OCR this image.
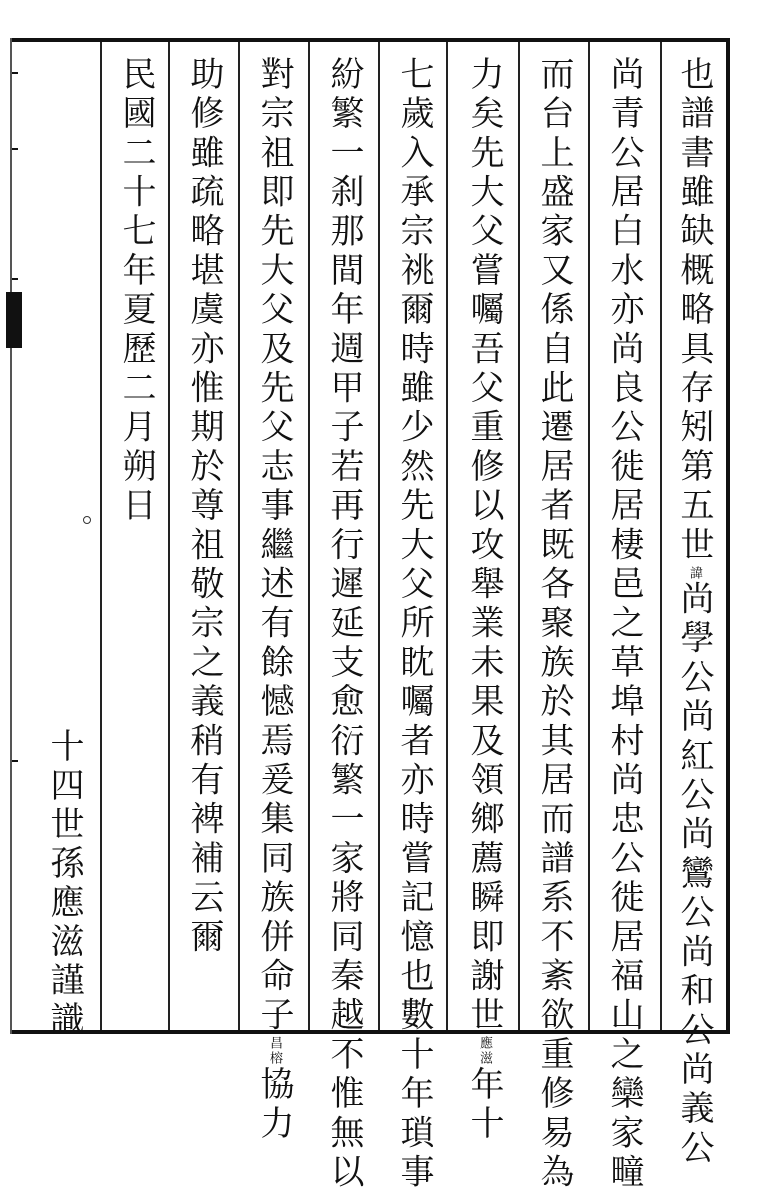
也譜書雖缺概略具存矧第五世諱尚學公尚紅公尚鸞公尚和公尚義公
尚青公居白水亦尚良公徙居棲邑之草埠村尚忠公徙居福山之欒家疃
而台上盛家又係自此遷居者既各聚族於其居而譜系不紊欲重修易為
力矣先大父嘗囑吾父重修以攻舉業未果及領鄉薦瞬即謝世應滋年十
七歲入承宗祧爾時雖少然先大父所眈囑者亦時嘗記憶也數十年瑣事
紛繁一刹那間年週甲子若再行遲延支愈衍繁一家將同秦越不惟無以
對宗祖即先大父及先父志事繼述有餘憾焉爰集同族併命子昌榕協力
助修雖疏略堪虞亦惟期於尊祖敬宗之義稍有裨補云爾
民國二十七年夏歷二月朔日
十四世孫應滋謹識
